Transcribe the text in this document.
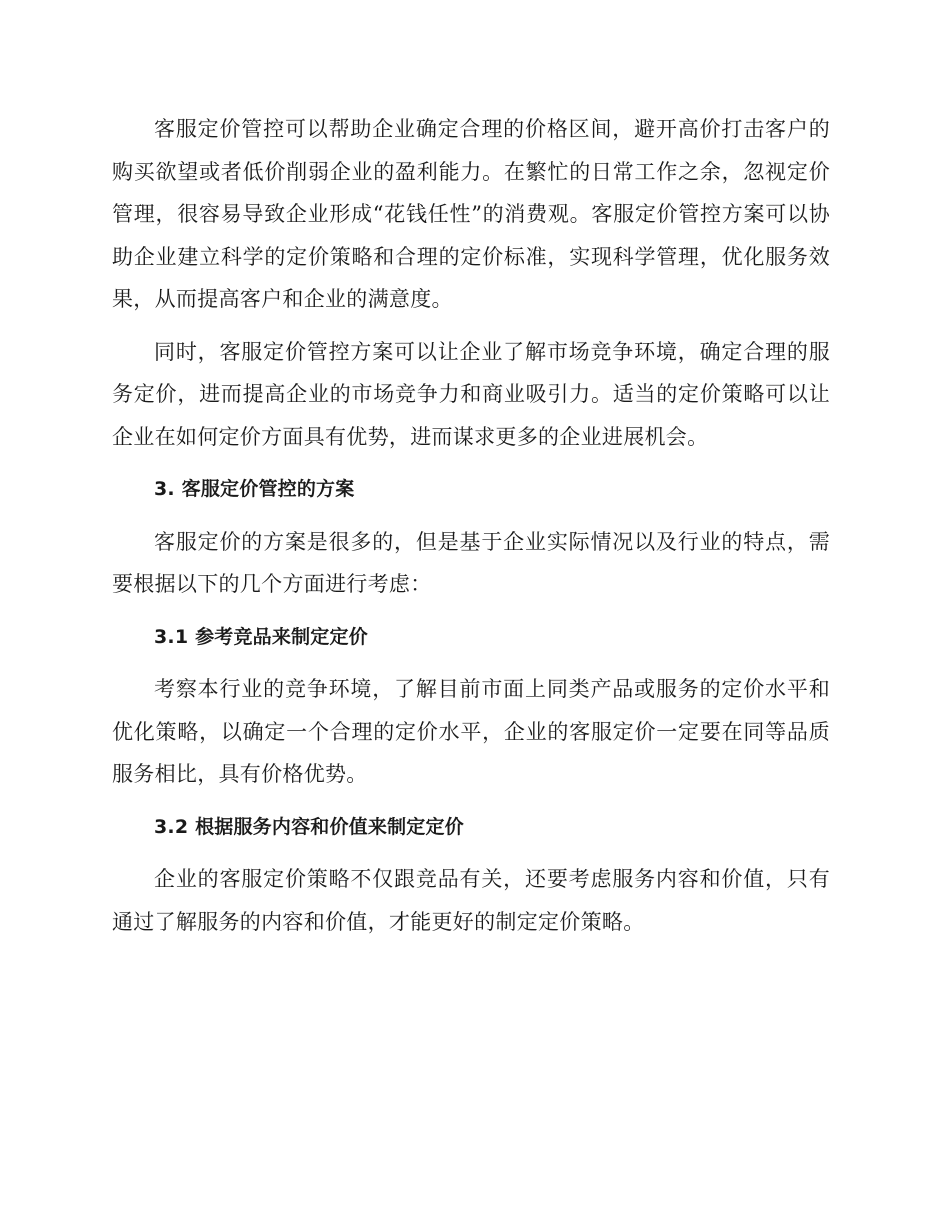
客服定价管控可以帮助企业确定合理的价格区间，避开高价打击客户的购买欲望或者低价削弱企业的盈利能力。在繁忙的日常工作之余，忽视定价管理，很容易导致企业形成“花钱任性”的消费观。客服定价管控方案可以协助企业建立科学的定价策略和合理的定价标准，实现科学管理，优化服务效果，从而提高客户和企业的满意度。

同时，客服定价管控方案可以让企业了解市场竞争环境，确定合理的服务定价，进而提高企业的市场竞争力和商业吸引力。适当的定价策略可以让企业在如何定价方面具有优势，进而谋求更多的企业进展机会。

3. 客服定价管控的方案

客服定价的方案是很多的，但是基于企业实际情况以及行业的特点，需要根据以下的几个方面进行考虑：

3.1 参考竞品来制定定价

考察本行业的竞争环境，了解目前市面上同类产品或服务的定价水平和优化策略，以确定一个合理的定价水平，企业的客服定价一定要在同等品质服务相比，具有价格优势。

3.2 根据服务内容和价值来制定定价

企业的客服定价策略不仅跟竞品有关，还要考虑服务内容和价值，只有通过了解服务的内容和价值，才能更好的制定定价策略。
